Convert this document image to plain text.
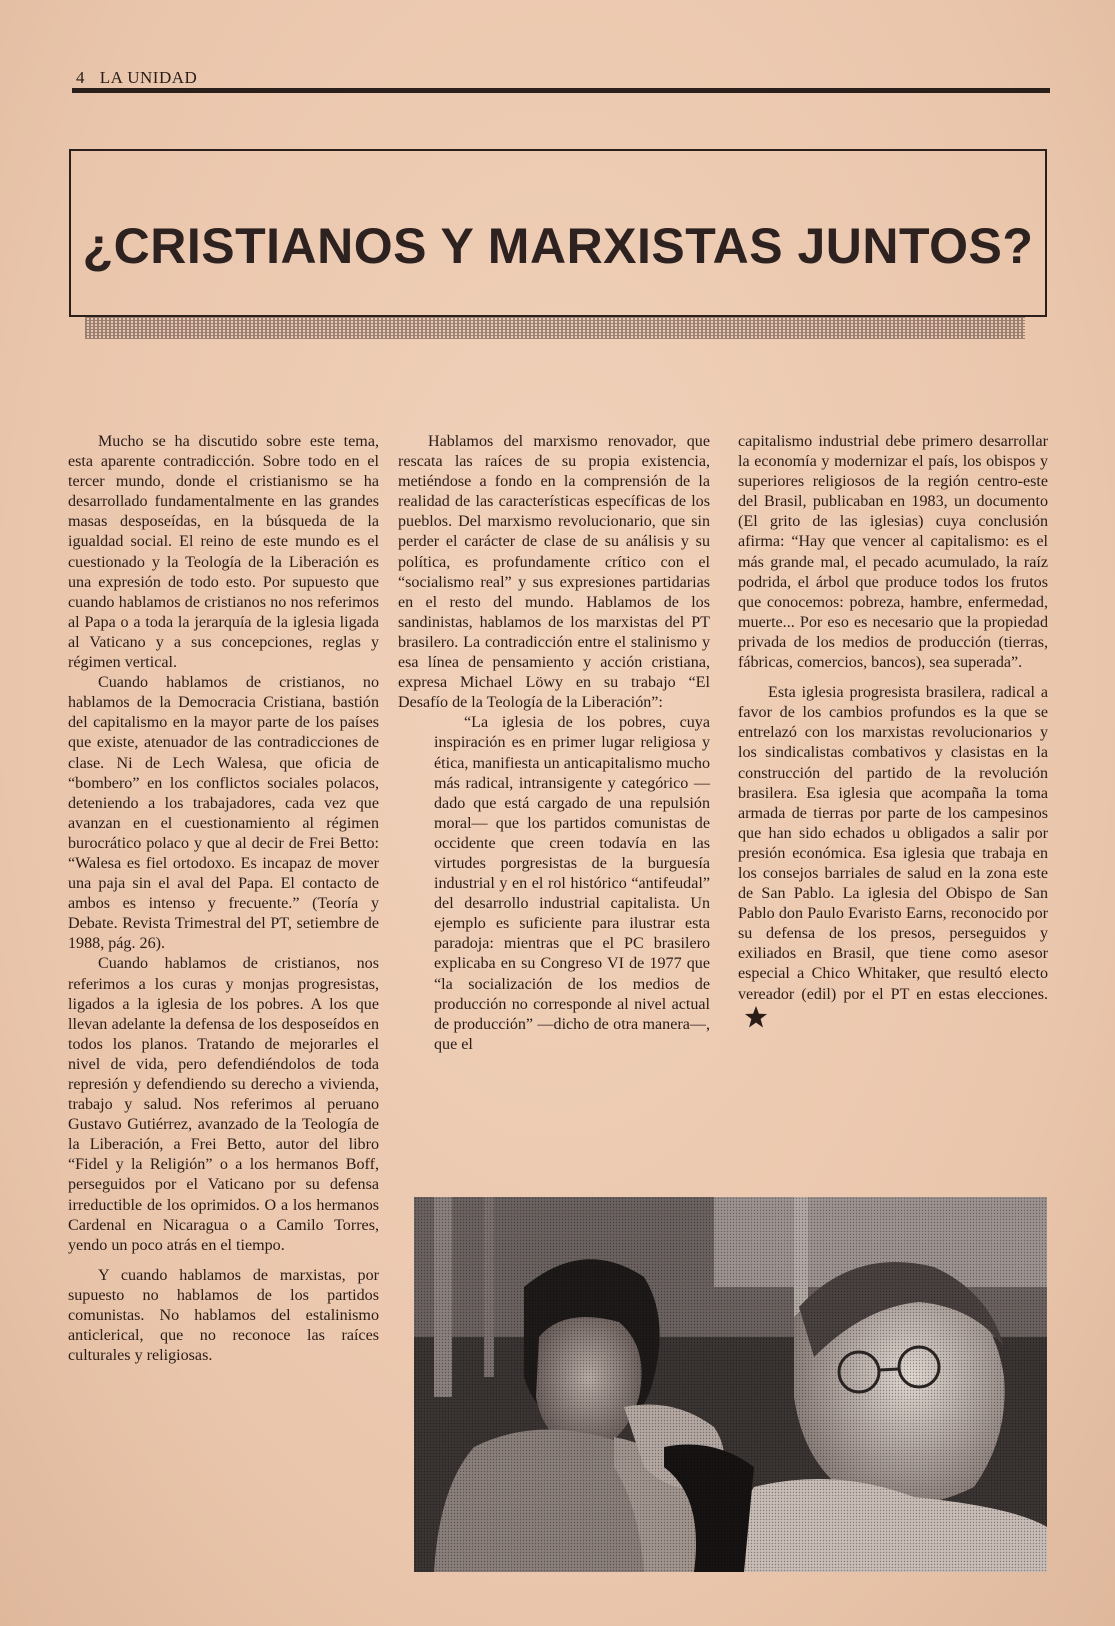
4 LA UNIDAD
¿CRISTIANOS Y MARXISTAS JUNTOS?

Mucho se ha discutido sobre este tema, esta aparente contradicción. Sobre todo en el tercer mundo, donde el cristianismo se ha desarrollado fundamentalmente en las grandes masas desposeídas, en la búsqueda de la igualdad social. El reino de este mundo es el cuestionado y la Teología de la Liberación es una expresión de todo esto. Por supuesto que cuando hablamos de cristianos no nos referimos al Papa o a toda la jerarquía de la iglesia ligada al Vaticano y a sus concepciones, reglas y régimen vertical.

Cuando hablamos de cristianos, no hablamos de la Democracia Cristiana, bastión del capitalismo en la mayor parte de los países que existe, atenuador de las contradicciones de clase. Ni de Lech Walesa, que oficia de “bombero” en los conflictos sociales polacos, deteniendo a los trabajadores, cada vez que avanzan en el cuestionamiento al régimen burocrático polaco y que al decir de Frei Betto: “Walesa es fiel ortodoxo. Es incapaz de mover una paja sin el aval del Papa. El contacto de ambos es intenso y frecuente.” (Teoría y Debate. Revista Trimestral del PT, setiembre de 1988, pág. 26).

Cuando hablamos de cristianos, nos referimos a los curas y monjas progresistas, ligados a la iglesia de los pobres. A los que llevan adelante la defensa de los desposeídos en todos los planos. Tratando de mejorarles el nivel de vida, pero defendiéndolos de toda represión y defendiendo su derecho a vivienda, trabajo y salud. Nos referimos al peruano Gustavo Gutiérrez, avanzado de la Teología de la Liberación, a Frei Betto, autor del libro “Fidel y la Religión” o a los hermanos Boff, perseguidos por el Vaticano por su defensa irreductible de los oprimidos. O a los hermanos Cardenal en Nicaragua o a Camilo Torres, yendo un poco atrás en el tiempo.

Y cuando hablamos de marxistas, por supuesto no hablamos de los partidos comunistas. No hablamos del estalinismo anticlerical, que no reconoce las raíces culturales y religiosas.

Hablamos del marxismo renovador, que rescata las raíces de su propia existencia, metiéndose a fondo en la comprensión de la realidad de las características específicas de los pueblos. Del marxismo revolucionario, que sin perder el carácter de clase de su análisis y su política, es profundamente crítico con el “socialismo real” y sus expresiones partidarias en el resto del mundo. Hablamos de los sandinistas, hablamos de los marxistas del PT brasilero. La contradicción entre el stalinismo y esa línea de pensamiento y acción cristiana, expresa Michael Löwy en su trabajo “El Desafío de la Teología de la Liberación”:

“La iglesia de los pobres, cuya inspiración es en primer lugar religiosa y ética, manifiesta un anticapitalismo mucho más radical, intransigente y categórico —dado que está cargado de una repulsión moral— que los partidos comunistas de occidente que creen todavía en las virtudes porgresistas de la burguesía industrial y en el rol histórico “antifeudal” del desarrollo industrial capitalista. Un ejemplo es suficiente para ilustrar esta paradoja: mientras que el PC brasilero explicaba en su Congreso VI de 1977 que “la socialización de los medios de producción no corresponde al nivel actual de producción” —dicho de otra manera—, que el

capitalismo industrial debe primero desarrollar la economía y modernizar el país, los obispos y superiores religiosos de la región centro-este del Brasil, publicaban en 1983, un documento (El grito de las iglesias) cuya conclusión afirma: “Hay que vencer al capitalismo: es el más grande mal, el pecado acumulado, la raíz podrida, el árbol que produce todos los frutos que conocemos: pobreza, hambre, enfermedad, muerte... Por eso es necesario que la propiedad privada de los medios de producción (tierras, fábricas, comercios, bancos), sea superada”.

Esta iglesia progresista brasilera, radical a favor de los cambios profundos es la que se entrelazó con los marxistas revolucionarios y los sindicalistas combativos y clasistas en la construcción del partido de la revolución brasilera. Esa iglesia que acompaña la toma armada de tierras por parte de los campesinos que han sido echados u obligados a salir por presión económica. Esa iglesia que trabaja en los consejos barriales de salud en la zona este de San Pablo. La iglesia del Obispo de San Pablo don Paulo Evaristo Earns, reconocido por su defensa de los presos, perseguidos y exiliados en Brasil, que tiene como asesor especial a Chico Whitaker, que resultó electo vereador (edil) por el PT en estas elecciones.
